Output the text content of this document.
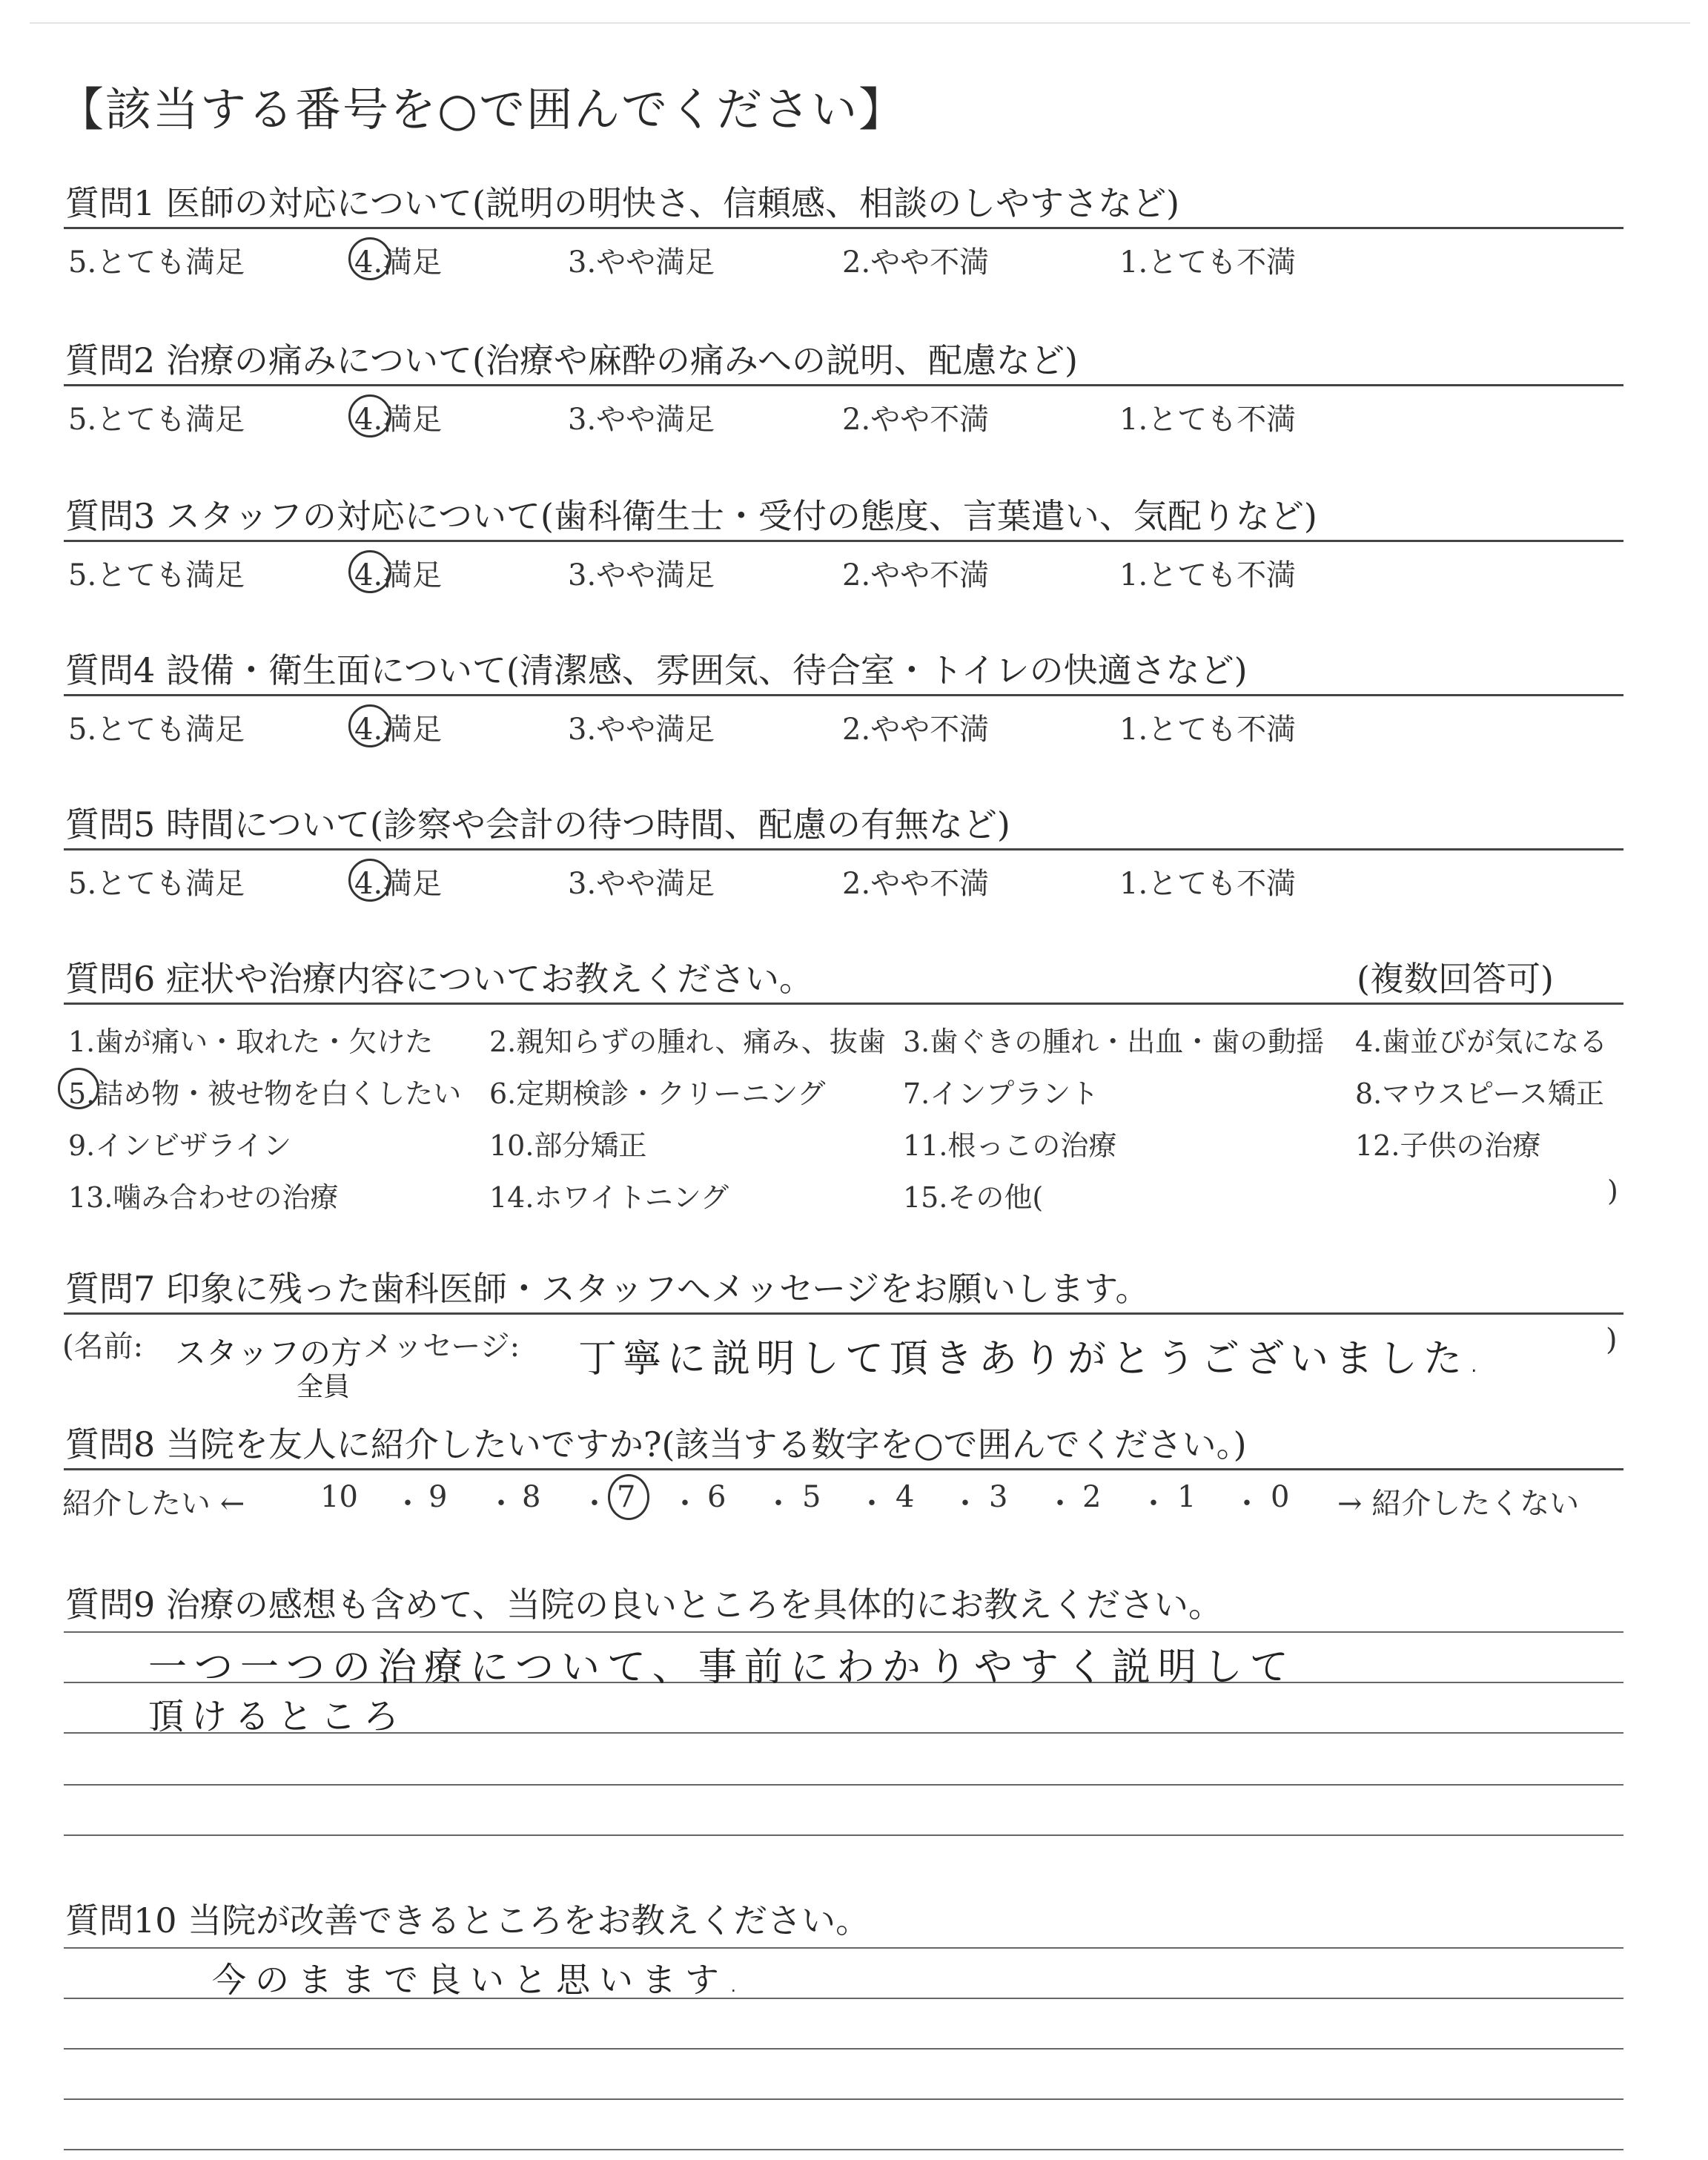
【該当する番号を○で囲んでください】
質問1 医師の対応について(説明の明快さ、信頼感、相談のしやすさなど)
5.とても満足	4.満足	3.やや満足	2.やや不満	1.とても不満
質問2 治療の痛みについて(治療や麻酔の痛みへの説明、配慮など)
5.とても満足	4.満足	3.やや満足	2.やや不満	1.とても不満
質問3 スタッフの対応について(歯科衛生士・受付の態度、言葉遣い、気配りなど)
5.とても満足	4.満足	3.やや満足	2.やや不満	1.とても不満
質問4 設備・衛生面について(清潔感、雰囲気、待合室・トイレの快適さなど)
5.とても満足	4.満足	3.やや満足	2.やや不満	1.とても不満
質問5 時間について(診察や会計の待つ時間、配慮の有無など)
5.とても満足	4.満足	3.やや満足	2.やや不満	1.とても不満
質問6 症状や治療内容についてお教えください。	(複数回答可)
1.歯が痛い・取れた・欠けた 2.親知らずの腫れ、痛み、抜歯 3.歯ぐきの腫れ・出血・歯の動揺 4.歯並びが気になる
5.詰め物・被せ物を白くしたい 6.定期検診・クリーニング	7.インプラント	8.マウスピース矯正
9.インビザライン	10.部分矯正	11.根っこの治療	12.子供の治療
13.噛み合わせの治療	14.ホワイトニング	15.その他(	)
質問7 印象に残った歯科医師・スタッフへメッセージをお願いします。
(名前: スタッフの方
全員
メッセージ: 丁寧に説明して頂きありがとうございました.	)
質問8 当院を友人に紹介したいですか?(該当する数字を○で囲んでください。)
紹介したい ←	→ 紹介したくない
10 9	8	7 6	5	4	3	2	1	0
・ ・ ・ ・ ・ ・ ・ ・ ・ ・
質問9 治療の感想も含めて、当院の良いところを具体的にお教えください。
一つ一つの治療について、事前にわかりやすく説明して
頂けるところ
質問10 当院が改善できるところをお教えください。
今のままで良いと思います.
